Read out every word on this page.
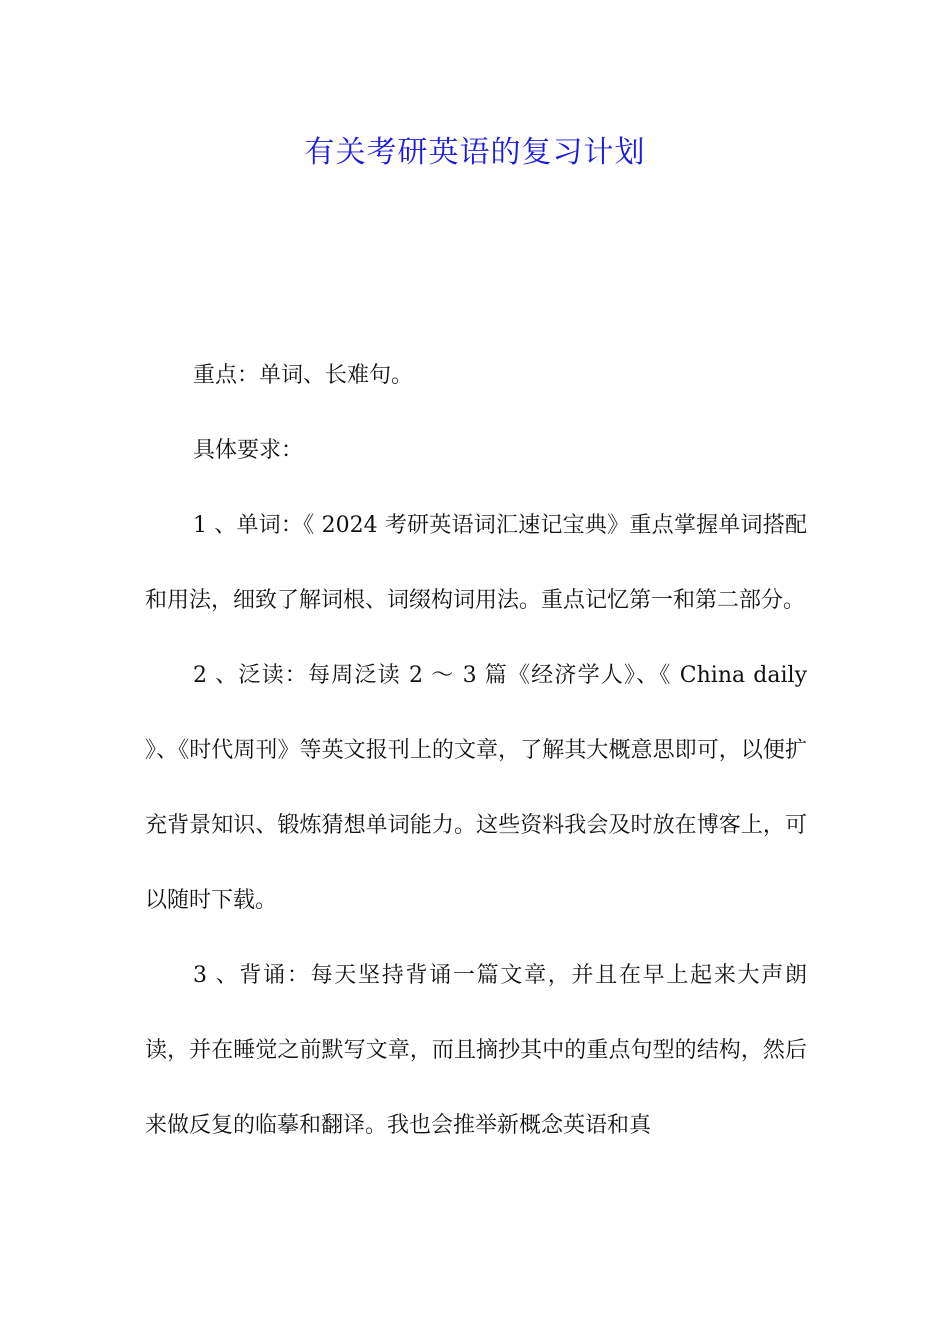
有关考研英语的复习计划

重点：单词、长难句。

具体要求：

1 、单词：《 2024 考研英语词汇速记宝典》重点掌握单词搭配和用法，细致了解词根、词缀构词用法。重点记忆第一和第二部分。

2 、泛读：每周泛读 2 ～ 3 篇《经济学人》、《 China daily 》、《时代周刊》等英文报刊上的文章，了解其大概意思即可，以便扩充背景知识、锻炼猜想单词能力。这些资料我会及时放在博客上，可以随时下载。

3 、背诵：每天坚持背诵一篇文章，并且在早上起来大声朗读，并在睡觉之前默写文章，而且摘抄其中的重点句型的结构，然后来做反复的临摹和翻译。我也会推举新概念英语和真
